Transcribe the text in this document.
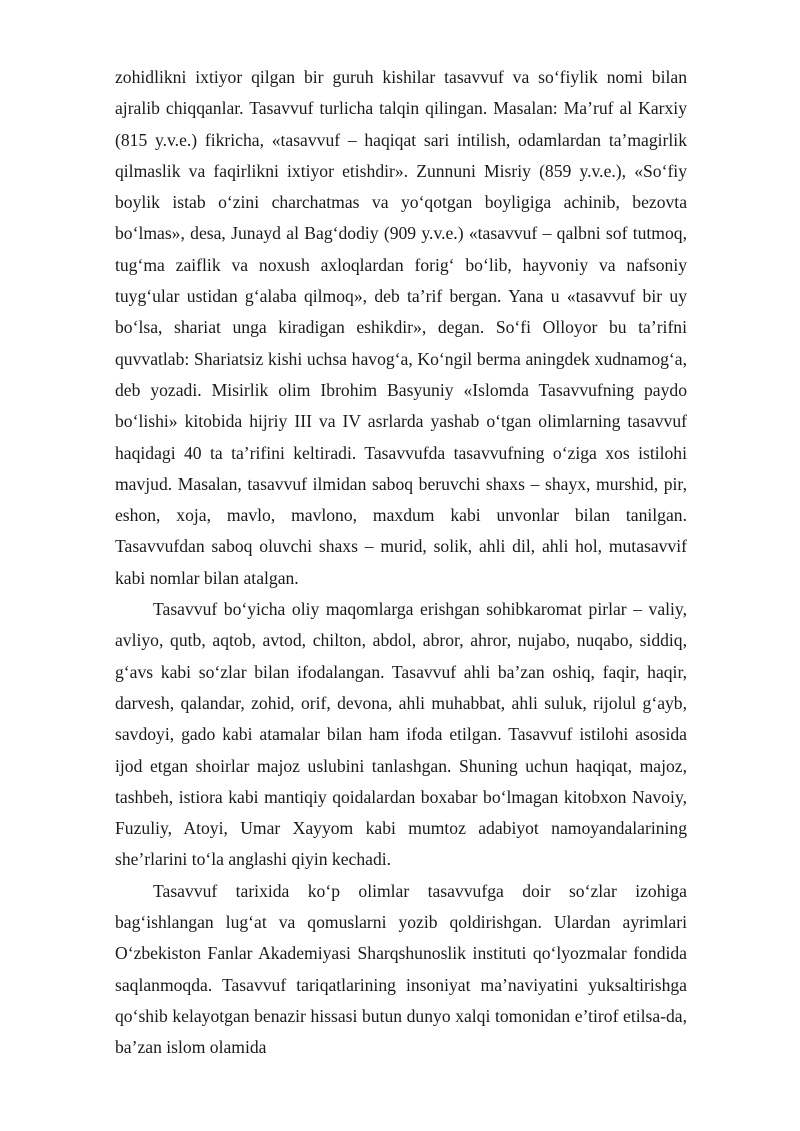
zohidlikni ixtiyor qilgan bir guruh kishilar tasavvuf va so‘fiylik nomi bilan ajralib chiqqanlar. Tasavvuf turlicha talqin qilingan. Masalan: Ma’ruf al Karxiy (815 y.v.e.) fikricha, «tasavvuf – haqiqat sari intilish, odamlardan ta’magirlik qilmaslik va faqirlikni ixtiyor etishdir». Zunnuni Misriy (859 y.v.e.), «So‘fiy boylik istab o‘zini charchatmas va yo‘qotgan boyligiga achinib, bezovta bo‘lmas», desa, Junayd al Bag‘dodiy (909 y.v.e.) «tasavvuf – qalbni sof tutmoq, tug‘ma zaiflik va noxush axloqlardan forig‘ bo‘lib, hayvoniy va nafsoniy tuyg‘ular ustidan g‘alaba qilmoq», deb ta’rif bergan. Yana u «tasavvuf bir uy bo‘lsa, shariat unga kiradigan eshikdir», degan. So‘fi Olloyor bu ta’rifni quvvatlab: Shariatsiz kishi uchsa havog‘a, Ko‘ngil berma aningdek xudnamog‘a, deb yozadi. Misirlik olim Ibrohim Basyuniy «Islomda Tasavvufning paydo bo‘lishi» kitobida hijriy III va IV asrlarda yashab o‘tgan olimlarning tasavvuf haqidagi 40 ta ta’rifini keltiradi. Tasavvufda tasavvufning o‘ziga xos istilohi mavjud. Masalan, tasavvuf ilmidan saboq beruvchi shaxs – shayx, murshid, pir, eshon, xoja, mavlo, mavlono, maxdum kabi unvonlar bilan tanilgan. Tasavvufdan saboq oluvchi shaxs – murid, solik, ahli dil, ahli hol, mutasavvif kabi nomlar bilan atalgan.

Tasavvuf bo‘yicha oliy maqomlarga erishgan sohibkaromat pirlar – valiy, avliyo, qutb, aqtob, avtod, chilton, abdol, abror, ahror, nujabo, nuqabo, siddiq, g‘avs kabi so‘zlar bilan ifodalangan. Tasavvuf ahli ba’zan oshiq, faqir, haqir, darvesh, qalandar, zohid, orif, devona, ahli muhabbat, ahli suluk, rijolul g‘ayb, savdoyi, gado kabi atamalar bilan ham ifoda etilgan. Tasavvuf istilohi asosida ijod etgan shoirlar majoz uslubini tanlashgan. Shuning uchun haqiqat, majoz, tashbeh, istiora kabi mantiqiy qoidalardan boxabar bo‘lmagan kitobxon Navoiy, Fuzuliy, Atoyi, Umar Xayyom kabi mumtoz adabiyot namoyandalarining she’rlarini to‘la anglashi qiyin kechadi.

Tasavvuf tarixida ko‘p olimlar tasavvufga doir so‘zlar izohiga bag‘ishlangan lug‘at va qomuslarni yozib qoldirishgan. Ulardan ayrimlari O‘zbekiston Fanlar Akademiyasi Sharqshunoslik instituti qo‘lyozmalar fondida saqlanmoqda. Tasavvuf tariqatlarining insoniyat ma’naviyatini yuksaltirishga qo‘shib kelayotgan benazir hissasi butun dunyo xalqi tomonidan e’tirof etilsa-da, ba’zan islom olamida
